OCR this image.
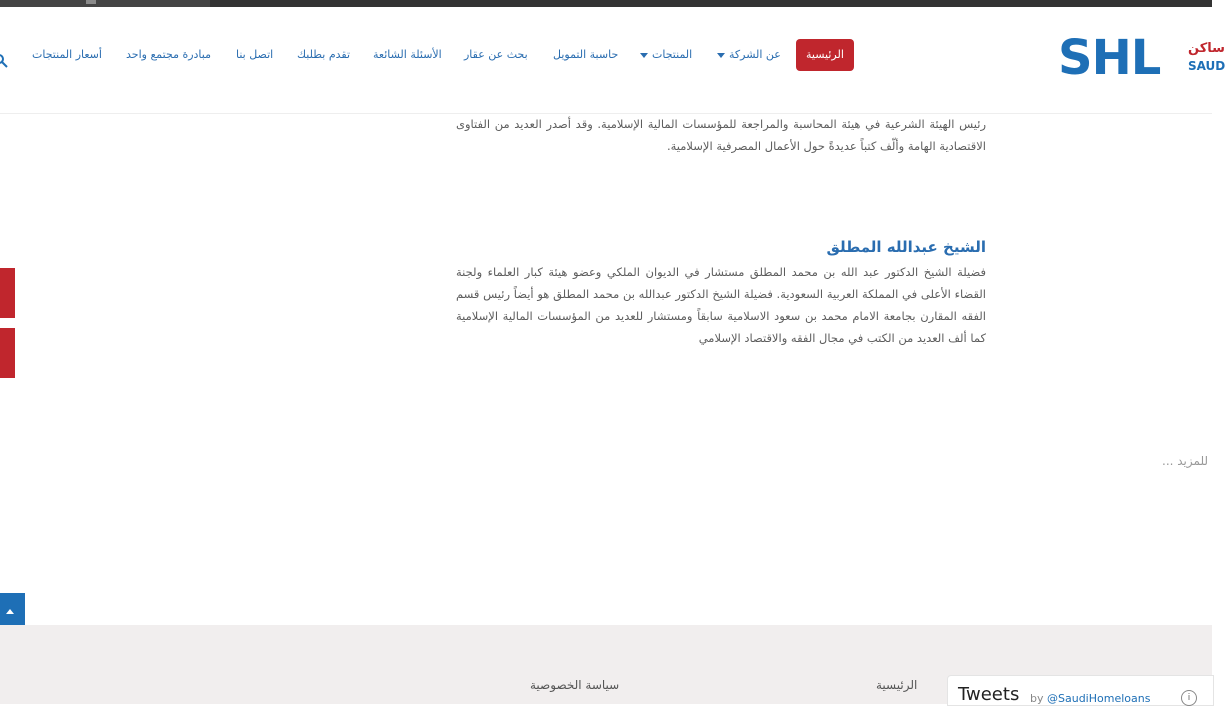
SHL ساكن
SAUD
الرئيسية
عن الشركة
المنتجات
حاسبة التمويل
بحث عن عقار
الأسئلة الشائعة
تقدم بطلبك
اتصل بنا
مبادرة مجتمع واحد
أسعار المنتجات

رئيس الهيئة الشرعية في هيئة المحاسبة والمراجعة للمؤسسات المالية الإسلامية. وقد أصدر العديد من الفتاوى الاقتصادية الهامة وألّف كتباً عديدةً حول الأعمال المصرفية الإسلامية.

الشيخ عبدالله المطلق

فضيلة الشيخ الدكتور عبد الله بن محمد المطلق مستشار في الديوان الملكي وعضو هيئة كبار العلماء ولجنة القضاء الأعلى في المملكة العربية السعودية. فضيلة الشيخ الدكتور عبدالله بن محمد المطلق هو أيضاً رئيس قسم الفقه المقارن بجامعة الامام محمد بن سعود الاسلامية سابقاً ومستشار للعديد من المؤسسات المالية الإسلامية كما ألف العديد من الكتب في مجال الفقه والاقتصاد الإسلامي

للمزيد ...
الرئيسية
سياسة الخصوصية	Tweets by @SaudiHomeloans	i
